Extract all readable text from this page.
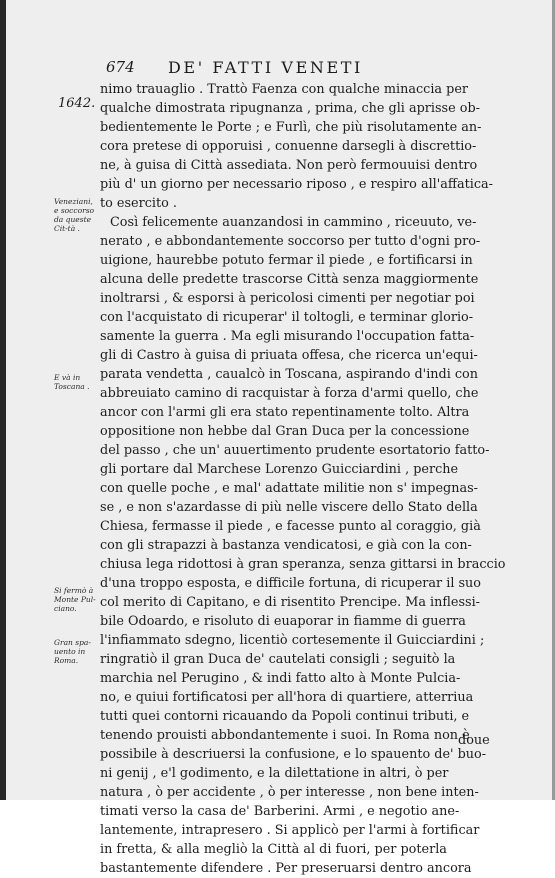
674 DE' FATTI VENETI
1642.
Veneziani, e soccorso da queste Cit-tà .
E và in Toscana .
Si fermò à Monte Pul-ciano.
Gran spa-uento in Roma.
nimo trauaglio . Trattò Faenza con qualche minaccia per
qualche dimostrata ripugnanza , prima, che gli aprisse ob-
bedientemente le Porte ; e Furlì, che più risolutamente an-
cora pretese di opporuisi , conuenne darsegli à discrettio-
ne, à guisa di Città assediata. Non però fermouuisi dentro
più d' un giorno per necessario riposo , e respiro all'affatica-
to esercito .
Così felicemente auanzandosi in cammino , riceuuto, ve-
nerato , e abbondantemente soccorso per tutto d'ogni pro-
uigione, haurebbe potuto fermar il piede , e fortificarsi in
alcuna delle predette trascorse Città senza maggiormente
inoltrarsi , & esporsi à pericolosi cimenti per negotiar poi
con l'acquistato di ricuperar' il toltogli, e terminar glorio-
samente la guerra . Ma egli misurando l'occupation fatta-
gli di Castro à guisa di priuata offesa, che ricerca un'equi-
parata vendetta , caualcò in Toscana, aspirando d'indi con
abbreuiato camino di racquistar à forza d'armi quello, che
ancor con l'armi gli era stato repentinamente tolto. Altra
oppositione non hebbe dal Gran Duca per la concessione
del passo , che un' auuertimento prudente esortatorio fatto-
gli portare dal Marchese Lorenzo Guicciardini , perche
con quelle poche , e mal' adattate militie non s' impegnas-
se , e non s'azardasse di più nelle viscere dello Stato della
Chiesa, fermasse il piede , e facesse punto al coraggio, già
con gli strapazzi à bastanza vendicatosi, e già con la con-
chiusa lega ridottosi à gran speranza, senza gittarsi in braccio
d'una troppo esposta, e difficile fortuna, di ricuperar il suo
col merito di Capitano, e di risentito Prencipe. Ma inflessi-
bile Odoardo, e risoluto di euaporar in fiamme di guerra
l'infiammato sdegno, licentiò cortesemente il Guicciardini ;
ringratiò il gran Duca de' cautelati consigli ; seguitò la
marchia nel Perugino , & indi fatto alto à Monte Pulcia-
no, e quiui fortificatosi per all'hora di quartiere, atterriua
tutti quei contorni ricauando da Popoli continui tributi, e
tenendo prouisti abbondantemente i suoi. In Roma non è
possibile à descriuersi la confusione, e lo spauento de' buo-
ni genij , e'l godimento, e la dilettatione in altri, ò per
natura , ò per accidente , ò per interesse , non bene inten-
timati verso la casa de' Barberini. Armi , e negotio ane-
lantemente, intrapresero . Si applicò per l'armi à fortificar
in fretta, & alla megliò la Città al di fuori, per poterla
bastantemente difendere . Per preseruarsi dentro ancora
doue
